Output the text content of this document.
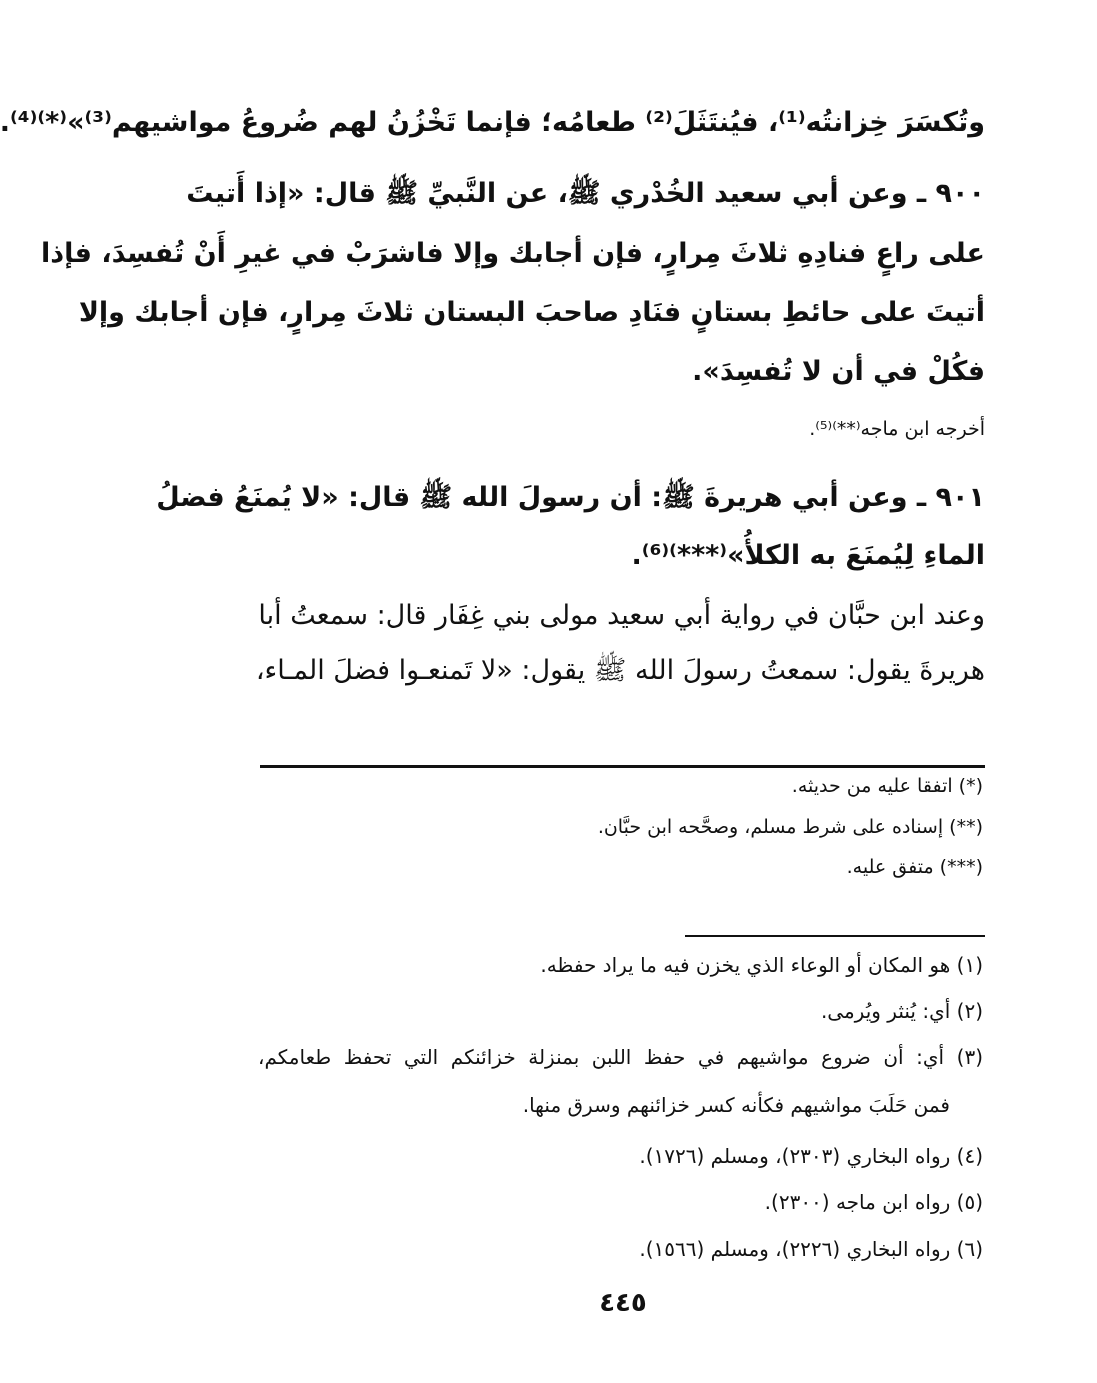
وتُكسَرَ خِزانتُه⁽¹⁾، فيُنتَثَلَ⁽²⁾ طعامُه؛ فإنما تَخْزُنُ لهم ضُروعُ مواشيهم⁽³⁾»⁽*⁾⁽⁴⁾.
٩٠٠ ـ وعن أبي سعيد الخُدْري ﷺ، عن النَّبيِّ ﷺ قال: «إذا أَتيتَ
على راعٍ فنادِهِ ثلاثَ مِرارٍ، فإن أجابك وإلا فاشرَبْ في غيرِ أَنْ تُفسِدَ، فإذا
أتيتَ على حائطِ بستانٍ فنَادِ صاحبَ البستان ثلاثَ مِرارٍ، فإن أجابك وإلا
فكُلْ في أن لا تُفسِدَ».
أخرجه ابن ماجه⁽**⁾⁽⁵⁾.
٩٠١ ـ وعن أبي هريرةَ ﷺ: أن رسولَ الله ﷺ قال: «لا يُمنَعُ فضلُ
الماءِ لِيُمنَعَ به الكلأُ»⁽***⁾⁽⁶⁾.
وعند ابن حبَّان في رواية أبي سعيد مولى بني غِفَار قال: سمعتُ أبا
هريرةَ يقول: سمعتُ رسولَ الله ﷺ يقول: «لا تَمنعـوا فضلَ المـاء،
(*) اتفقا عليه من حديثه.
(**) إسناده على شرط مسلم، وصحَّحه ابن حبَّان.
(***) متفق عليه.
(١) هو المكان أو الوعاء الذي يخزن فيه ما يراد حفظه.
(٢) أي: يُنثر ويُرمى.
(٣) أي: أن ضروع مواشيهم في حفظ اللبن بمنزلة خزائنكم التي تحفظ طعامكم،
فمن حَلَبَ مواشيهم فكأنه كسر خزائنهم وسرق منها.
(٤) رواه البخاري (٢٣٠٣)، ومسلم (١٧٢٦).
(٥) رواه ابن ماجه (٢٣٠٠).
(٦) رواه البخاري (٢٢٢٦)، ومسلم (١٥٦٦).
٤٤٥
